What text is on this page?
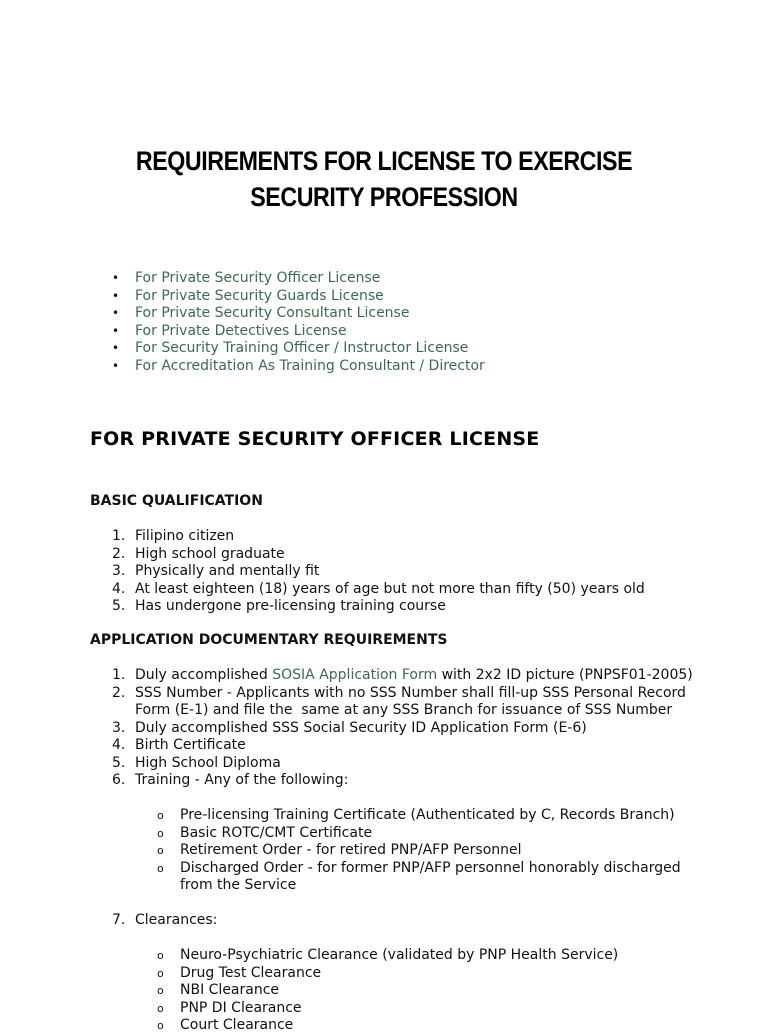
REQUIREMENTS FOR LICENSE TO EXERCISE
SECURITY PROFESSION
• For Private Security Officer License
• For Private Security Guards License
• For Private Security Consultant License
• For Private Detectives License
• For Security Training Officer / Instructor License
• For Accreditation As Training Consultant / Director
FOR PRIVATE SECURITY OFFICER LICENSE
BASIC QUALIFICATION
1. Filipino citizen
2. High school graduate
3. Physically and mentally fit
4. At least eighteen (18) years of age but not more than fifty (50) years old
5. Has undergone pre-licensing training course
APPLICATION DOCUMENTARY REQUIREMENTS
1. Duly accomplished SOSIA Application Form with 2x2 ID picture (PNPSF01-2005)
2. SSS Number - Applicants with no SSS Number shall fill-up SSS Personal Record Form (E-1) and file the  same at any SSS Branch for issuance of SSS Number
3. Duly accomplished SSS Social Security ID Application Form (E-6)
4. Birth Certificate
5. High School Diploma
6. Training - Any of the following:
o Pre-licensing Training Certificate (Authenticated by C, Records Branch)
o Basic ROTC/CMT Certificate
o Retirement Order - for retired PNP/AFP Personnel
o Discharged Order - for former PNP/AFP personnel honorably discharged from the Service
7. Clearances:
o Neuro-Psychiatric Clearance (validated by PNP Health Service)
o Drug Test Clearance
o NBI Clearance
o PNP DI Clearance
o Court Clearance
